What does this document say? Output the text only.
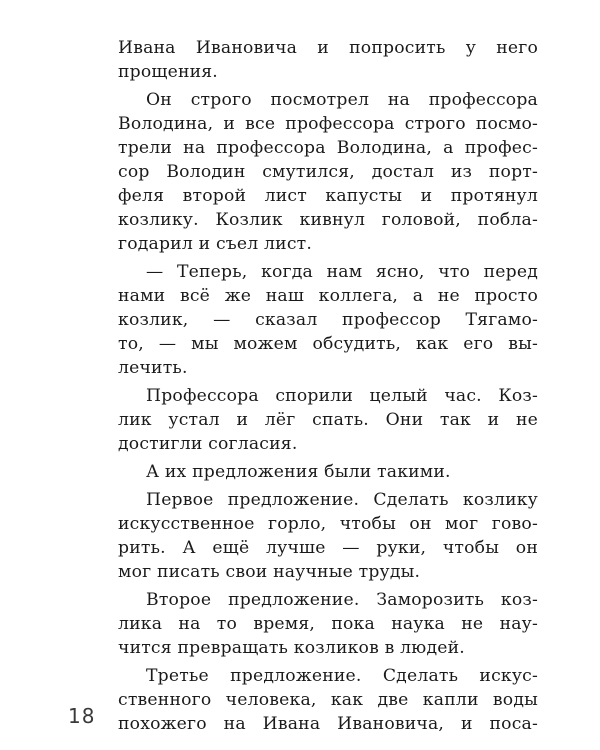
Ивана Ивановича и попросить у него
прощения.
Он строго посмотрел на профессора
Володина, и все профессора строго посмо-
трели на профессора Володина, а профес-
сор Володин смутился, достал из порт-
феля второй лист капусты и протянул
козлику. Козлик кивнул головой, побла-
годарил и съел лист.
— Теперь, когда нам ясно, что перед
нами всё же наш коллега, а не просто
козлик, — сказал профессор Тягамо-
то, — мы можем обсудить, как его вы-
лечить.
Профессора спорили целый час. Коз-
лик устал и лёг спать. Они так и не
достигли согласия.
А их предложения были такими.
Первое предложение. Сделать козлику
искусственное горло, чтобы он мог гово-
рить. А ещё лучше — руки, чтобы он
мог писать свои научные труды.
Второе предложение. Заморозить коз-
лика на то время, пока наука не нау-
чится превращать козликов в людей.
Третье предложение. Сделать искус-
ственного человека, как две капли воды
похожего на Ивана Ивановича, и поса-
18
